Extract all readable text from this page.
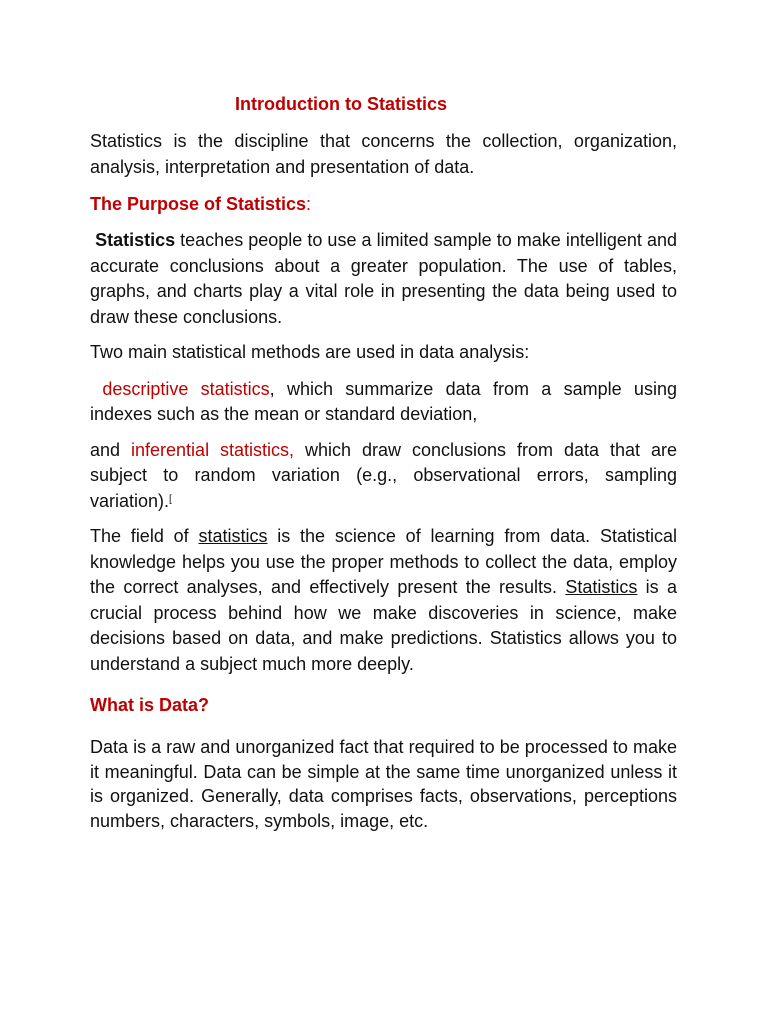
Introduction to Statistics
Statistics is the discipline that concerns the collection, organization, analysis, interpretation and presentation of data.
The Purpose of Statistics:
Statistics teaches people to use a limited sample to make intelligent and accurate conclusions about a greater population. The use of tables, graphs, and charts play a vital role in presenting the data being used to draw these conclusions.
Two main statistical methods are used in data analysis:
descriptive statistics, which summarize data from a sample using indexes such as the mean or standard deviation,
and inferential statistics, which draw conclusions from data that are subject to random variation (e.g., observational errors, sampling variation).[
The field of statistics is the science of learning from data. Statistical knowledge helps you use the proper methods to collect the data, employ the correct analyses, and effectively present the results. Statistics is a crucial process behind how we make discoveries in science, make decisions based on data, and make predictions. Statistics allows you to understand a subject much more deeply.
What is Data?
Data is a raw and unorganized fact that required to be processed to make it meaningful. Data can be simple at the same time unorganized unless it is organized. Generally, data comprises facts, observations, perceptions numbers, characters, symbols, image, etc.
